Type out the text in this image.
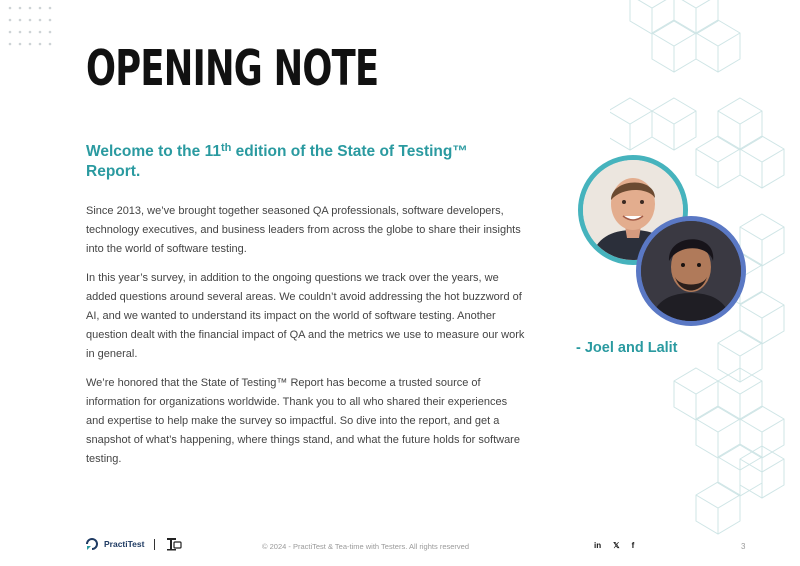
OPENING NOTE
Welcome to the 11th edition of the State of Testing™ Report.

Since 2013, we’ve brought together seasoned QA professionals, software developers, technology executives, and business leaders from across the globe to share their insights into the world of software testing.

In this year’s survey, in addition to the ongoing questions we track over the years, we added questions around several areas. We couldn’t avoid addressing the hot buzzword of AI, and we wanted to understand its impact on the world of software testing. Another question dealt with the financial impact of QA and the metrics we use to measure our work in general.

We’re honored that the State of Testing™ Report has become a trusted source of information for organizations worldwide. Thank you to all who shared their experiences and expertise to help make the survey so impactful. So dive into the report, and get a snapshot of what’s happening, where things stand, and what the future holds for software testing.

- Joel and Lalit
PractiTest	© 2024 - PractiTest & Tea-time with Testers. All rights reserved	in 𝕏 f	3
